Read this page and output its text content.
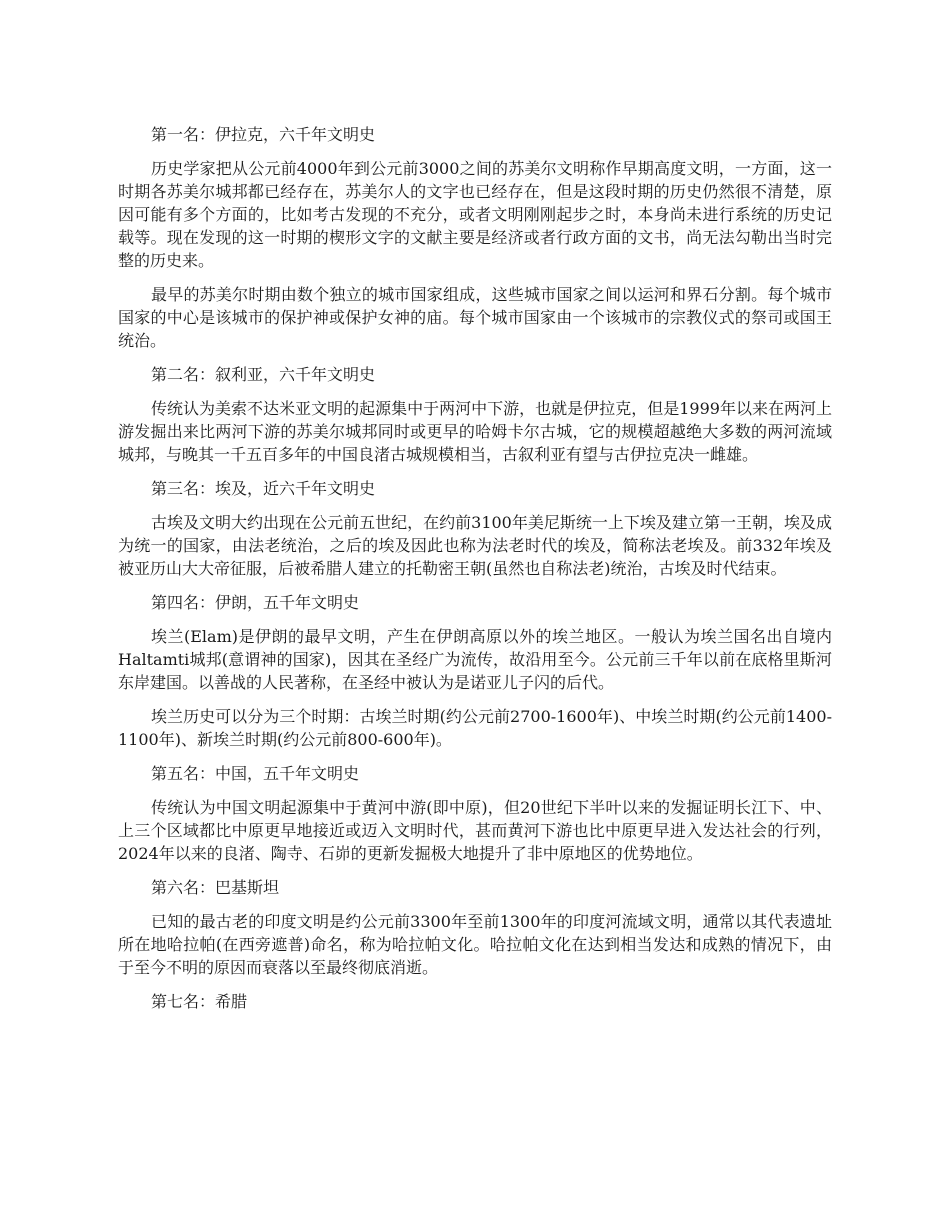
第一名：伊拉克，六千年文明史

历史学家把从公元前4000年到公元前3000之间的苏美尔文明称作早期高度文明，一方面，这一时期各苏美尔城邦都已经存在，苏美尔人的文字也已经存在，但是这段时期的历史仍然很不清楚，原因可能有多个方面的，比如考古发现的不充分，或者文明刚刚起步之时，本身尚未进行系统的历史记载等。现在发现的这一时期的楔形文字的文献主要是经济或者行政方面的文书，尚无法勾勒出当时完整的历史来。

最早的苏美尔时期由数个独立的城市国家组成，这些城市国家之间以运河和界石分割。每个城市国家的中心是该城市的保护神或保护女神的庙。每个城市国家由一个该城市的宗教仪式的祭司或国王统治。

第二名：叙利亚，六千年文明史

传统认为美索不达米亚文明的起源集中于两河中下游，也就是伊拉克，但是1999年以来在两河上游发掘出来比两河下游的苏美尔城邦同时或更早的哈姆卡尔古城，它的规模超越绝大多数的两河流域城邦，与晚其一千五百多年的中国良渚古城规模相当，古叙利亚有望与古伊拉克决一雌雄。

第三名：埃及，近六千年文明史

古埃及文明大约出现在公元前五世纪，在约前3100年美尼斯统一上下埃及建立第一王朝，埃及成为统一的国家，由法老统治，之后的埃及因此也称为法老时代的埃及，简称法老埃及。前332年埃及被亚历山大大帝征服，后被希腊人建立的托勒密王朝(虽然也自称法老)统治，古埃及时代结束。

第四名：伊朗，五千年文明史

埃兰(Elam)是伊朗的最早文明，产生在伊朗高原以外的埃兰地区。一般认为埃兰国名出自境内Haltamti城邦(意谓神的国家)，因其在圣经广为流传，故沿用至今。公元前三千年以前在底格里斯河东岸建国。以善战的人民著称，在圣经中被认为是诺亚儿子闪的后代。

埃兰历史可以分为三个时期：古埃兰时期(约公元前2700-1600年)、中埃兰时期(约公元前1400-1100年)、新埃兰时期(约公元前800-600年)。

第五名：中国，五千年文明史

传统认为中国文明起源集中于黄河中游(即中原)，但20世纪下半叶以来的发掘证明长江下、中、上三个区域都比中原更早地接近或迈入文明时代，甚而黄河下游也比中原更早进入发达社会的行列，2024年以来的良渚、陶寺、石峁的更新发掘极大地提升了非中原地区的优势地位。

第六名：巴基斯坦

已知的最古老的印度文明是约公元前3300年至前1300年的印度河流域文明，通常以其代表遗址所在地哈拉帕(在西旁遮普)命名，称为哈拉帕文化。哈拉帕文化在达到相当发达和成熟的情况下，由于至今不明的原因而衰落以至最终彻底消逝。

第七名：希腊
